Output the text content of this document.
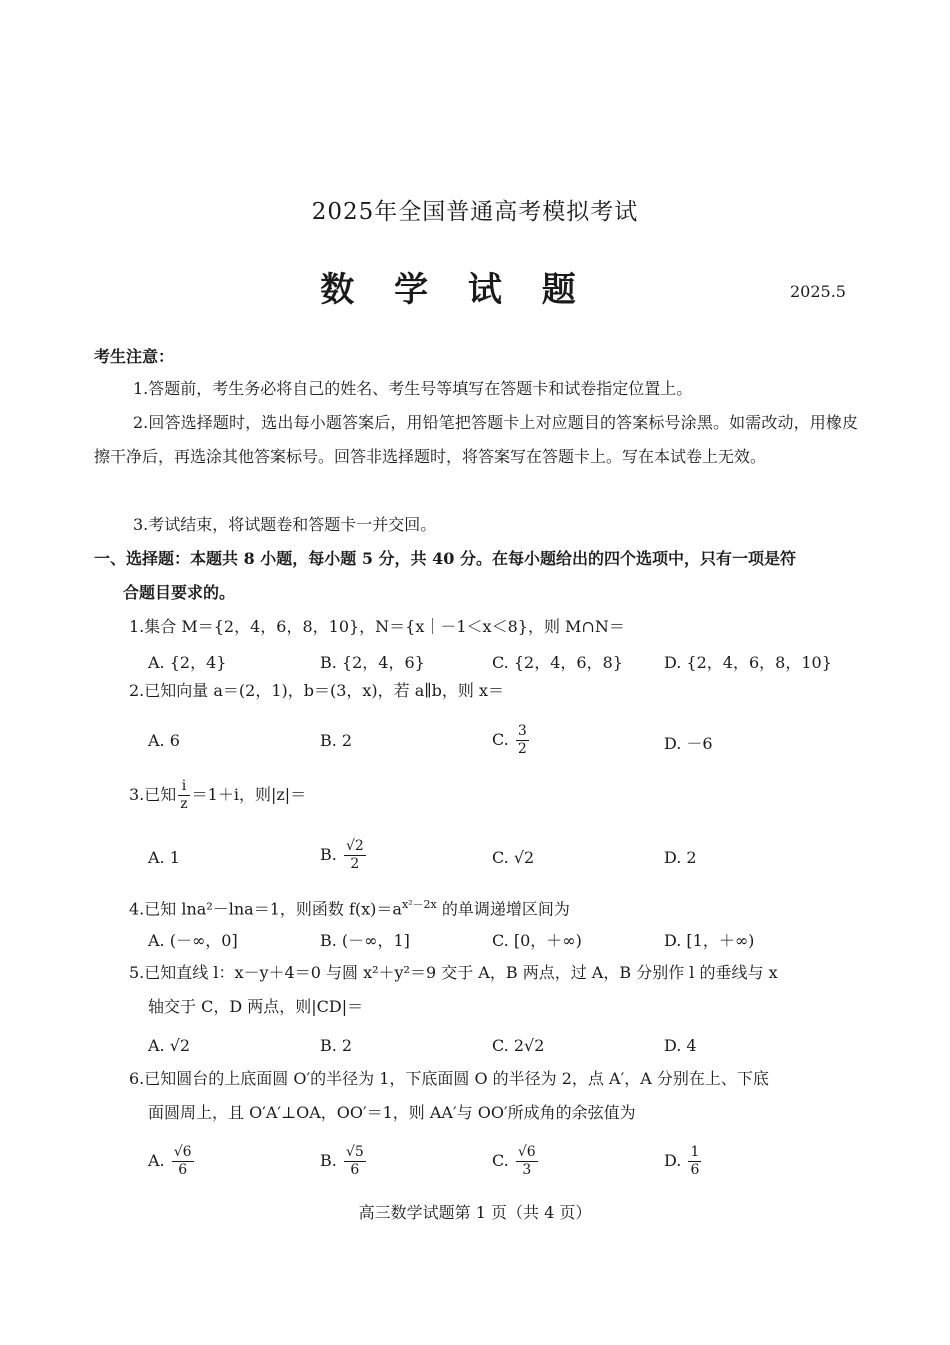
2025年全国普通高考模拟考试
数 学 试 题	2025.5
考生注意：
1.答题前，考生务必将自己的姓名、考生号等填写在答题卡和试卷指定位置上。
2.回答选择题时，选出每小题答案后，用铅笔把答题卡上对应题目的答案标号涂黑。如需改动，用橡皮擦干净后，再选涂其他答案标号。回答非选择题时，将答案写在答题卡上。写在本试卷上无效。
3.考试结束，将试题卷和答题卡一并交回。
一、选择题：本题共 8 小题，每小题 5 分，共 40 分。在每小题给出的四个选项中，只有一项是符
合题目要求的。
1.集合 M＝{2，4，6，8，10}，N＝{x｜－1＜x＜8}，则 M∩N＝
A. {2，4}	B. {2，4，6}	C. {2，4，6，8}	D. {2，4，6，8，10}
2.已知向量 a＝(2，1)，b＝(3，x)，若 a∥b，则 x＝
A. 6	B. 2	C. $\frac{3}{2}$	D. －6
3.已知 $\frac{i}{z} =1+i$，则|z|＝
A. 1	B. $\frac{√2}{2}$	C. √2	D. 2
4.已知 lna²－lna＝1，则函数 $f(x)=a^{x^2-2x}$ 的单调递增区间为
A. (－∞，0]	B. (－∞，1]	C. [0，＋∞)	D. [1，＋∞)
5.已知直线 l：x－y＋4＝0 与圆 x²＋y²＝9 交于 A，B 两点，过 A，B 分别作 l 的垂线与 x
轴交于 C，D 两点，则|CD|＝
A. √2	B. 2	C. 2√2	D. 4
6.已知圆台的上底面圆 O′的半径为 1，下底面圆 O 的半径为 2，点 A′，A 分别在上、下底
面圆周上，且 O′A′⊥OA，OO′＝1，则 AA′与 OO′所成角的余弦值为
A. $\frac{√6}{6}$	B. $\frac{√5}{6}$	C. $\frac{√6}{3}$	D. $\frac{1}{6}$
高三数学试题第 1 页（共 4 页）
